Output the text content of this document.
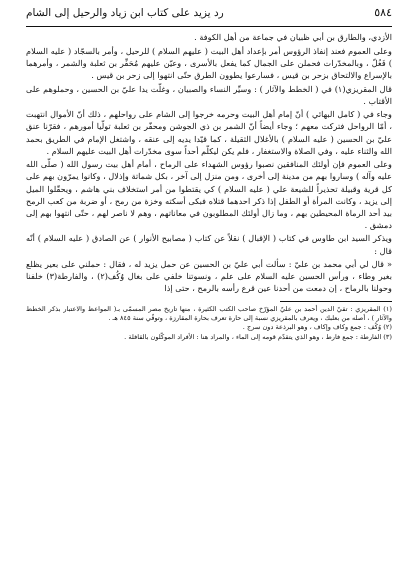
٥٨٤
رد يزيد على كتاب ابن زياد والرحيل إلى الشام

الأزدي، والطارق بن أبي ظبيان في جماعة من أهل الكوفة .

وعلى العموم فعند إنفاذ الرؤوس أمر بإعداد أهل البيت ( عليهم السلام ) للرحيل ، وأمر بالسجّاد ( عليه السلام ) فَغُلّ ، وبالمخدّرات فحملن على الجمال كما يفعل بالأسرى ، وعيّن عليهم مُحَفِّر بن ثعلبة والشمر ، وأمرهما بالإسراع والالتحاق بزحر بن قيس ، فسارعوا يطوون الطرق حتّى انتهوا إلى زحر بن قيس .

قال المقريزي(١) في ( الخطط والآثار ) : وسيِّر النساء والصبيان ، وغلّت يدا عليّ بن الحسين ، وحملوهم على الأقتاب .

وجاء في ( كامل البهائي ) أنّ إمام أهل البيت وحرمه خرجوا إلى الشام على رواحلهم ، ذلك أنّ الأموال انتهبت ، أمّا الرواحل فتركت معهم ؛ وجاء أيضاً أنّ الشمر بن ذي الجوشن ومحفّر بن ثعلبة تولّيا أمورهم ، فقرّنا عنق عليّ بن الحسين ( عليه السلام ) بالأغلال الثقيلة ، كما قيّدا يديه إلى عنقه ، واشتغل الإمام في الطريق بحمد الله والثناء عليه ، وفي الصلاة والاستغفار ، فلم يكن ليكلّم أحداً سوى مخدّرات أهل البيت عليهم السلام .

وعلى العموم فإن أولئك المنافقين نصبوا رؤوس الشهداء على الرماح ، أمام أهل بيت رسول الله ( صلّى الله عليه وآله ) وساروا بهم من مدينة إلى أخرى ، ومن منزل إلى آخر ، بكل شماتة وإذلال ، وكانوا يمرّون بهم على كل قرية وقبيلة تحذيراً للشيعة علي ( عليه السلام ) كي يقتطوا من أمر استخلاف بني هاشم ، ويحقّلوا الميل إلى يزيد ، وكانت المرأة أو الطفل إذا ذكر احدهما قتلاه فبكى أسكته وخزة من رمح ، أو ضربة من كعب الرمح بيد أحد الرماة المحيطين بهم ، وما زال أولئك المطلوبون في معاناتهم ، وهم لا ناصر لهم ، حتّى انتهوا بهم إلى دمشق .

ويذكر السيد ابن طاوس في كتاب ( الإقبال ) نقلاً عن كتاب ( مصابيح الأنوار ) عن الصادق ( عليه السلام ) أنّه قال :

« قال لي أبي محمد بن عليّ : سألت أبي عليّ بن الحسين عن حمل يزيد له ، فقال : حملني على بعير يظلع بغير وطاء ، ورأس الحسين عليه السلام على علم ، ونسوتنا خلفي على بغال وُكُف(٢) ، والفارطة(٣) خلفنا وحولنا بالرماح ، إن دمعت من أحدنا عين قرع رأسه بالرمح ، حتى إذا

(١) المقريزي : تقيّ الدين أحمد بن عليّ المؤرّخ صاحب الكتب الكثيرة ، منها تاريخ مصر المسمّى بـ( المواعظ والاعتبار بذكر الخطط والآثار ) ، أصله من بعلبك ، ويعرف بالمقريزي نسبة إلى حارة تعرف بحارة المقارزة ، وتوفّي سنة ٨٤٥ هـ .

(٢) وُكُف : جمع وكاف وإكاف ، وهو البرذعة دون سرج .

(٣) الفارطة : جمع فارط ، وهو الذي يتقدّم قومه إلى الماء ، والمراد هنا : الأفراد الموكّلون بالقافلة .
